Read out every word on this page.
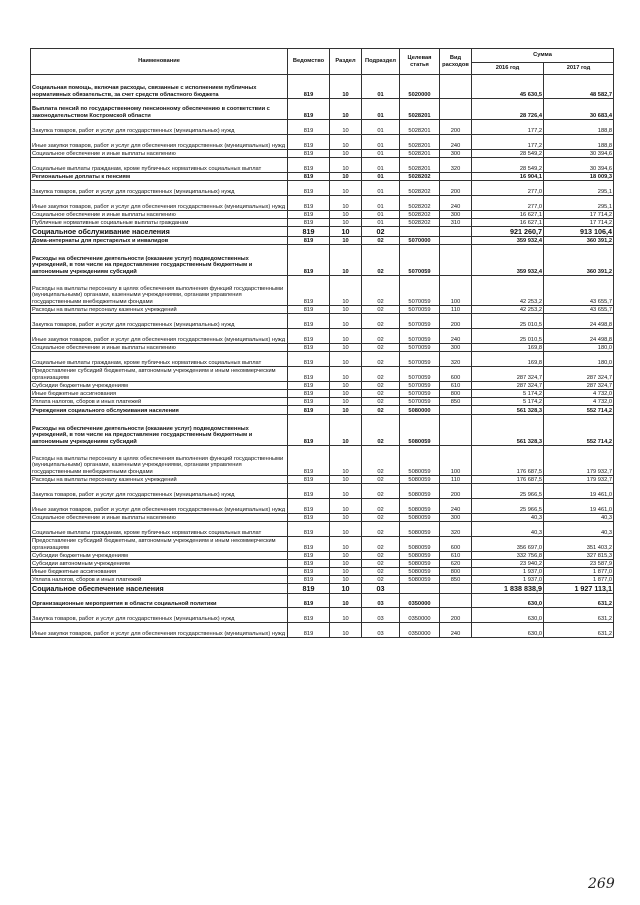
Наименование	Ведомство	Раздел	Подраздел	Целевая статья	Вид расходов	Сумма	
						2016 год	2017 год
Социальная помощь, включая расходы, связанные с исполнением публичных нормативных обязательств, за счет средств областного бюджета	819	10	01	5020000		45 630,5	48 582,7
Выплата пенсий по государственному пенсионному обеспечению в соответствии с законодательством Костромской области	819	10	01	5028201		28 726,4	30 683,4
Закупка товаров, работ и услуг для государственных (муниципальных) нужд	819	10	01	5028201	200	177,2	188,8
Иные закупки товаров, работ и услуг для обеспечения государственных (муниципальных) нужд	819	10	01	5028201	240	177,2	188,8
Социальное обеспечение и иные выплаты населению	819	10	01	5028201	300	28 549,2	30 394,6
Социальные выплаты гражданам, кроме публичных нормативных социальных выплат	819	10	01	5028201	320	28 549,2	30 394,6
Региональные доплаты к пенсиям	819	10	01	5028202		16 904,1	18 009,3
Закупка товаров, работ и услуг для государственных (муниципальных) нужд	819	10	01	5028202	200	277,0	295,1
Иные закупки товаров, работ и услуг для обеспечения государственных (муниципальных) нужд	819	10	01	5028202	240	277,0	295,1
Социальное обеспечение и иные выплаты населению	819	10	01	5028202	300	16 627,1	17 714,2
Публичные нормативные социальные выплаты гражданам	819	10	01	5028202	310	16 627,1	17 714,2
Социальное обслуживание населения	819	10	02			921 260,7	913 106,4
Дома-интернаты для престарелых и инвалидов	819	10	02	5070000		359 932,4	360 391,2
Расходы на обеспечение деятельности (оказание услуг) подведомственных учреждений, в том числе на предоставление государственным бюджетным и автономным учреждениям субсидий	819	10	02	5070059		359 932,4	360 391,2
Расходы на выплаты персоналу в целях обеспечения выполнения функций государственными (муниципальными) органами, казенными учреждениями, органами управления государственными внебюджетными фондами	819	10	02	5070059	100	42 253,2	43 655,7
Расходы на выплаты персоналу казенных учреждений	819	10	02	5070059	110	42 253,2	43 655,7
Закупка товаров, работ и услуг для государственных (муниципальных) нужд	819	10	02	5070059	200	25 010,5	24 498,8
Иные закупки товаров, работ и услуг для обеспечения государственных (муниципальных) нужд	819	10	02	5070059	240	25 010,5	24 498,8
Социальное обеспечение и иные выплаты населению	819	10	02	5070059	300	169,8	180,0
Социальные выплаты гражданам, кроме публичных нормативных социальных выплат	819	10	02	5070059	320	169,8	180,0
Предоставление субсидий бюджетным, автономным учреждениям и иным некоммерческим организациям	819	10	02	5070059	600	287 324,7	287 324,7
Субсидии бюджетным учреждениям	819	10	02	5070059	610	287 324,7	287 324,7
Иные бюджетные ассигнования	819	10	02	5070059	800	5 174,2	4 732,0
Уплата налогов, сборов и иных платежей	819	10	02	5070059	850	5 174,2	4 732,0
Учреждения социального обслуживания населения	819	10	02	5080000		561 328,3	552 714,2
Расходы на обеспечение деятельности (оказание услуг) подведомственных учреждений, в том числе на предоставление государственным бюджетным и автономным учреждениям субсидий	819	10	02	5080059		561 328,3	552 714,2
Расходы на выплаты персоналу в целях обеспечения выполнения функций государственными (муниципальными) органами, казенными учреждениями, органами управления государственными внебюджетными фондами	819	10	02	5080059	100	176 687,5	179 932,7
Расходы на выплаты персоналу казенных учреждений	819	10	02	5080059	110	176 687,5	179 932,7
Закупка товаров, работ и услуг для государственных (муниципальных) нужд	819	10	02	5080059	200	25 966,5	19 461,0
Иные закупки товаров, работ и услуг для обеспечения государственных (муниципальных) нужд	819	10	02	5080059	240	25 966,5	19 461,0
Социальное обеспечение и иные выплаты населению	819	10	02	5080059	300	40,3	40,3
Социальные выплаты гражданам, кроме публичных нормативных социальных выплат	819	10	02	5080059	320	40,3	40,3
Предоставление субсидий бюджетным, автономным учреждениям и иным некоммерческим организациям	819	10	02	5080059	600	356 697,0	351 403,2
Субсидии бюджетным учреждениям	819	10	02	5080059	610	332 756,8	327 815,3
Субсидии автономным учреждениям	819	10	02	5080059	620	23 940,2	23 587,9
Иные бюджетные ассигнования	819	10	02	5080059	800	1 937,0	1 877,0
Уплата налогов, сборов и иных платежей	819	10	02	5080059	850	1 937,0	1 877,0
Социальное обеспечение населения	819	10	03			1 838 838,9	1 927 113,1
Организационные мероприятия в области социальной политики	819	10	03	0350000		630,0	631,2
Закупка товаров, работ и услуг для государственных (муниципальных) нужд	819	10	03	0350000	200	630,0	631,2
Иные закупки товаров, работ и услуг для обеспечения государственных (муниципальных) нужд	819	10	03	0350000	240	630,0	631,2
269
